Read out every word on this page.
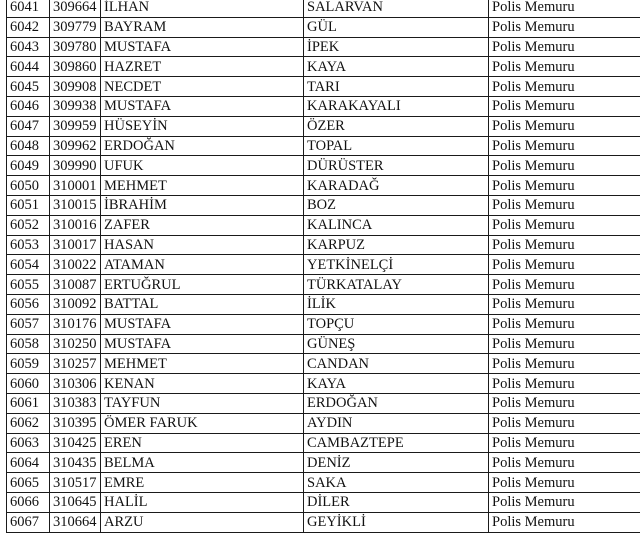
6041	309664	İLHAN	SALARVAN	Polis Memuru
6042	309779	BAYRAM	GÜL	Polis Memuru
6043	309780	MUSTAFA	İPEK	Polis Memuru
6044	309860	HAZRET	KAYA	Polis Memuru
6045	309908	NECDET	TARI	Polis Memuru
6046	309938	MUSTAFA	KARAKAYALI	Polis Memuru
6047	309959	HÜSEYİN	ÖZER	Polis Memuru
6048	309962	ERDOĞAN	TOPAL	Polis Memuru
6049	309990	UFUK	DÜRÜSTER	Polis Memuru
6050	310001	MEHMET	KARADAĞ	Polis Memuru
6051	310015	İBRAHİM	BOZ	Polis Memuru
6052	310016	ZAFER	KALINCA	Polis Memuru
6053	310017	HASAN	KARPUZ	Polis Memuru
6054	310022	ATAMAN	YETKİNELÇİ	Polis Memuru
6055	310087	ERTUĞRUL	TÜRKATALAY	Polis Memuru
6056	310092	BATTAL	İLİK	Polis Memuru
6057	310176	MUSTAFA	TOPÇU	Polis Memuru
6058	310250	MUSTAFA	GÜNEŞ	Polis Memuru
6059	310257	MEHMET	CANDAN	Polis Memuru
6060	310306	KENAN	KAYA	Polis Memuru
6061	310383	TAYFUN	ERDOĞAN	Polis Memuru
6062	310395	ÖMER FARUK	AYDIN	Polis Memuru
6063	310425	EREN	CAMBAZTEPE	Polis Memuru
6064	310435	BELMA	DENİZ	Polis Memuru
6065	310517	EMRE	SAKA	Polis Memuru
6066	310645	HALİL	DİLER	Polis Memuru
6067	310664	ARZU	GEYİKLİ	Polis Memuru
